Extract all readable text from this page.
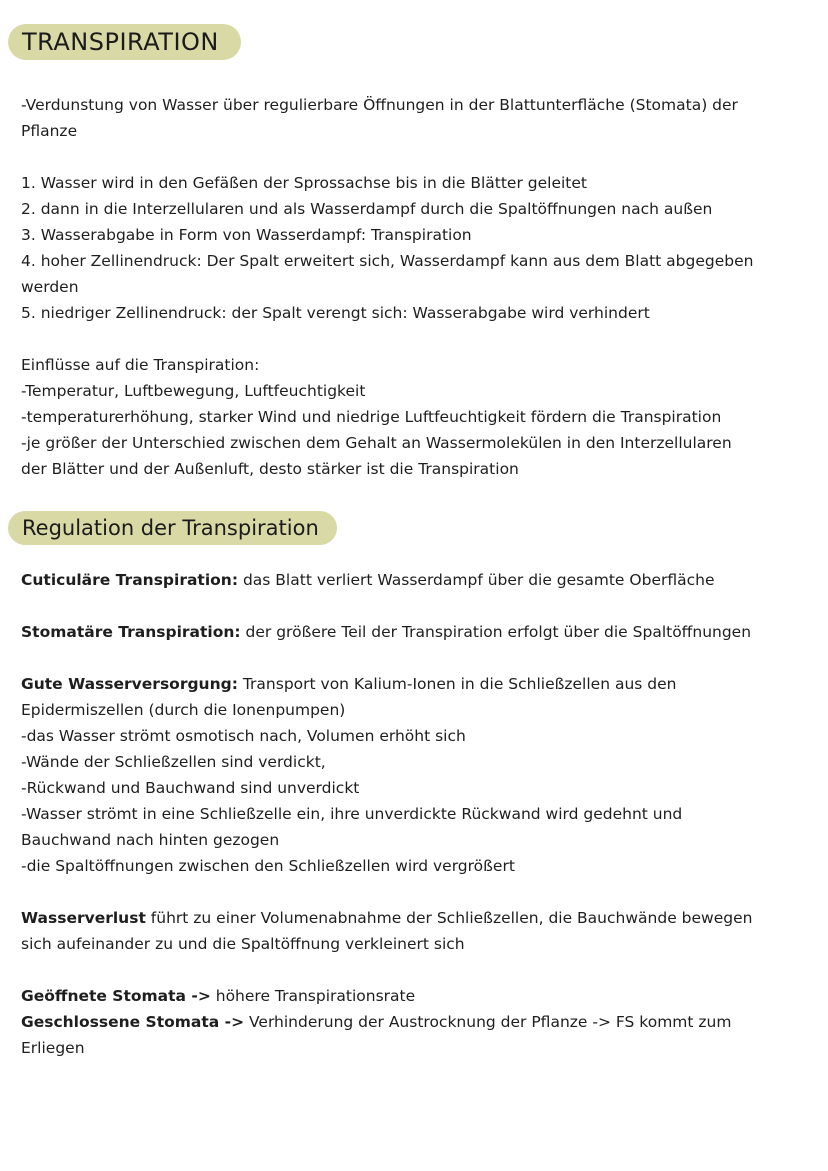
TRANSPIRATION
-Verdunstung von Wasser über regulierbare Öffnungen in der Blattunterfläche (Stomata) der
Pflanze
1. Wasser wird in den Gefäßen der Sprossachse bis in die Blätter geleitet
2. dann in die Interzellularen und als Wasserdampf durch die Spaltöffnungen nach außen
3. Wasserabgabe in Form von Wasserdampf: Transpiration
4. hoher Zellinendruck: Der Spalt erweitert sich, Wasserdampf kann aus dem Blatt abgegeben
werden
5. niedriger Zellinendruck: der Spalt verengt sich: Wasserabgabe wird verhindert
Einflüsse auf die Transpiration:
-Temperatur, Luftbewegung, Luftfeuchtigkeit
-temperaturerhöhung, starker Wind und niedrige Luftfeuchtigkeit fördern die Transpiration
-je größer der Unterschied zwischen dem Gehalt an Wassermolekülen in den Interzellularen
der Blätter und der Außenluft, desto stärker ist die Transpiration
Regulation der Transpiration
Cuticuläre Transpiration: das Blatt verliert Wasserdampf über die gesamte Oberfläche
Stomatäre Transpiration: der größere Teil der Transpiration erfolgt über die Spaltöffnungen
Gute Wasserversorgung: Transport von Kalium-Ionen in die Schließzellen aus den
Epidermiszellen (durch die Ionenpumpen)
-das Wasser strömt osmotisch nach, Volumen erhöht sich
-Wände der Schließzellen sind verdickt,
-Rückwand und Bauchwand sind unverdickt
-Wasser strömt in eine Schließzelle ein, ihre unverdickte Rückwand wird gedehnt und
Bauchwand nach hinten gezogen
-die Spaltöffnungen zwischen den Schließzellen wird vergrößert
Wasserverlust führt zu einer Volumenabnahme der Schließzellen, die Bauchwände bewegen
sich aufeinander zu und die Spaltöffnung verkleinert sich
Geöffnete Stomata -> höhere Transpirationsrate
Geschlossene Stomata -> Verhinderung der Austrocknung der Pflanze -> FS kommt zum
Erliegen
